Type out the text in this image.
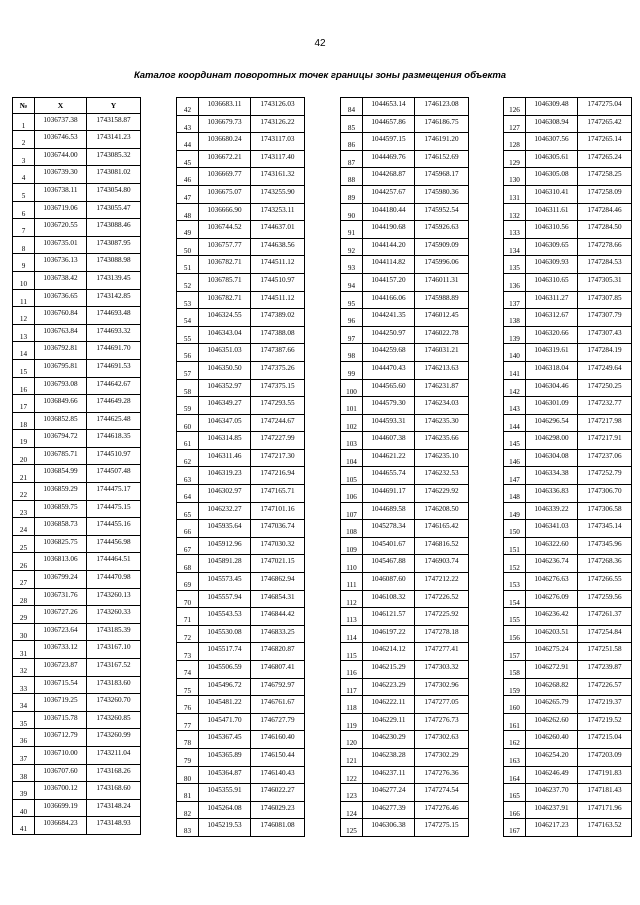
42
Каталог координат поворотных точек границы зоны размещения объекта
№	X	Y
1	1036737.38	1743158.87
2	1036746.53	1743141.23
3	1036744.00	1743085.32
4	1036739.30	1743081.02
5	1036738.11	1743054.80
6	1036719.06	1743055.47
7	1036720.55	1743088.46
8	1036735.01	1743087.95
9	1036736.13	1743088.98
10	1036738.42	1743139.45
11	1036736.65	1743142.85
12	1036760.84	1744693.48
13	1036763.84	1744693.32
14	1036792.81	1744691.70
15	1036795.81	1744691.53
16	1036793.08	1744642.67
17	1036849.66	1744649.28
18	1036852.85	1744625.48
19	1036794.72	1744618.35
20	1036785.71	1744510.97
21	1036854.99	1744507.48
22	1036859.29	1744475.17
23	1036859.75	1744475.15
24	1036858.73	1744455.16
25	1036825.75	1744456.98
26	1036813.06	1744464.51
27	1036799.24	1744470.98
28	1036731.76	1743260.13
29	1036727.26	1743260.33
30	1036723.64	1743185.39
31	1036733.12	1743167.10
32	1036723.87	1743167.52
33	1036715.54	1743183.60
34	1036719.25	1743260.70
35	1036715.78	1743260.85
36	1036712.79	1743260.99
37	1036710.00	1743211.04
38	1036707.60	1743168.26
39	1036700.12	1743168.60
40	1036699.19	1743148.24
41	1036684.23	1743148.93
42	1036683.11	1743126.03
43	1036679.73	1743126.22
44	1036680.24	1743117.03
45	1036672.21	1743117.40
46	1036669.77	1743161.32
47	1036675.07	1743255.90
48	1036666.90	1743253.11
49	1036744.52	1744637.01
50	1036757.77	1744638.56
51	1036782.71	1744511.12
52	1036785.71	1744510.97
53	1036782.71	1744511.12
54	1046324.55	1747389.02
55	1046343.04	1747388.08
56	1046351.03	1747387.66
57	1046350.50	1747375.26
58	1046352.97	1747375.15
59	1046349.27	1747293.55
60	1046347.05	1747244.67
61	1046314.85	1747227.99
62	1046311.46	1747217.30
63	1046319.23	1747216.94
64	1046302.97	1747165.71
65	1046232.27	1747101.16
66	1045935.64	1747036.74
67	1045912.96	1747030.32
68	1045891.28	1747021.15
69	1045573.45	1746862.94
70	1045557.94	1746854.31
71	1045543.53	1746844.42
72	1045530.08	1746833.25
73	1045517.74	1746820.87
74	1045506.59	1746807.41
75	1045496.72	1746792.97
76	1045481.22	1746761.67
77	1045471.70	1746727.79
78	1045367.45	1746160.40
79	1045365.89	1746150.44
80	1045364.87	1746140.43
81	1045355.91	1746022.27
82	1045264.08	1746029.23
83	1045219.53	1746081.08
84	1044653.14	1746123.08
85	1044657.86	1746186.75
86	1044597.15	1746191.20
87	1044469.76	1746152.69
88	1044268.87	1745968.17
89	1044257.67	1745980.36
90	1044180.44	1745952.54
91	1044190.68	1745926.63
92	1044144.20	1745909.09
93	1044114.82	1745996.06
94	1044157.20	1746011.31
95	1044166.06	1745988.89
96	1044241.35	1746012.45
97	1044250.97	1746022.78
98	1044259.68	1746031.21
99	1044470.43	1746213.63
100	1044565.60	1746231.87
101	1044579.30	1746234.03
102	1044593.31	1746235.30
103	1044607.38	1746235.66
104	1044621.22	1746235.10
105	1044655.74	1746232.53
106	1044691.17	1746229.92
107	1044689.58	1746208.50
108	1045278.34	1746165.42
109	1045401.67	1746816.52
110	1045467.88	1746903.74
111	1046087.60	1747212.22
112	1046108.32	1747226.52
113	1046121.57	1747225.92
114	1046197.22	1747278.18
115	1046214.12	1747277.41
116	1046215.29	1747303.32
117	1046223.29	1747302.96
118	1046222.11	1747277.05
119	1046229.11	1747276.73
120	1046230.29	1747302.63
121	1046238.28	1747302.29
122	1046237.11	1747276.36
123	1046277.24	1747274.54
124	1046277.39	1747276.46
125	1046306.38	1747275.15
126	1046309.48	1747275.04
127	1046308.94	1747265.42
128	1046307.56	1747265.14
129	1046305.61	1747265.24
130	1046305.08	1747258.25
131	1046310.41	1747258.09
132	1046311.61	1747284.46
133	1046310.56	1747284.50
134	1046309.65	1747278.66
135	1046309.93	1747284.53
136	1046310.65	1747305.31
137	1046311.27	1747307.85
138	1046312.67	1747307.79
139	1046320.66	1747307.43
140	1046319.61	1747284.19
141	1046318.04	1747249.64
142	1046304.46	1747250.25
143	1046301.09	1747232.77
144	1046296.54	1747217.98
145	1046298.00	1747217.91
146	1046304.08	1747237.06
147	1046334.38	1747252.79
148	1046336.83	1747306.70
149	1046339.22	1747306.58
150	1046341.03	1747345.14
151	1046322.60	1747345.96
152	1046236.74	1747268.36
153	1046276.63	1747266.55
154	1046276.09	1747259.56
155	1046236.42	1747261.37
156	1046203.51	1747254.84
157	1046275.24	1747251.58
158	1046272.91	1747239.87
159	1046268.82	1747226.57
160	1046265.79	1747219.37
161	1046262.60	1747219.52
162	1046260.40	1747215.04
163	1046254.20	1747203.09
164	1046246.49	1747191.83
165	1046237.70	1747181.43
166	1046237.91	1747171.96
167	1046217.23	1747163.52
